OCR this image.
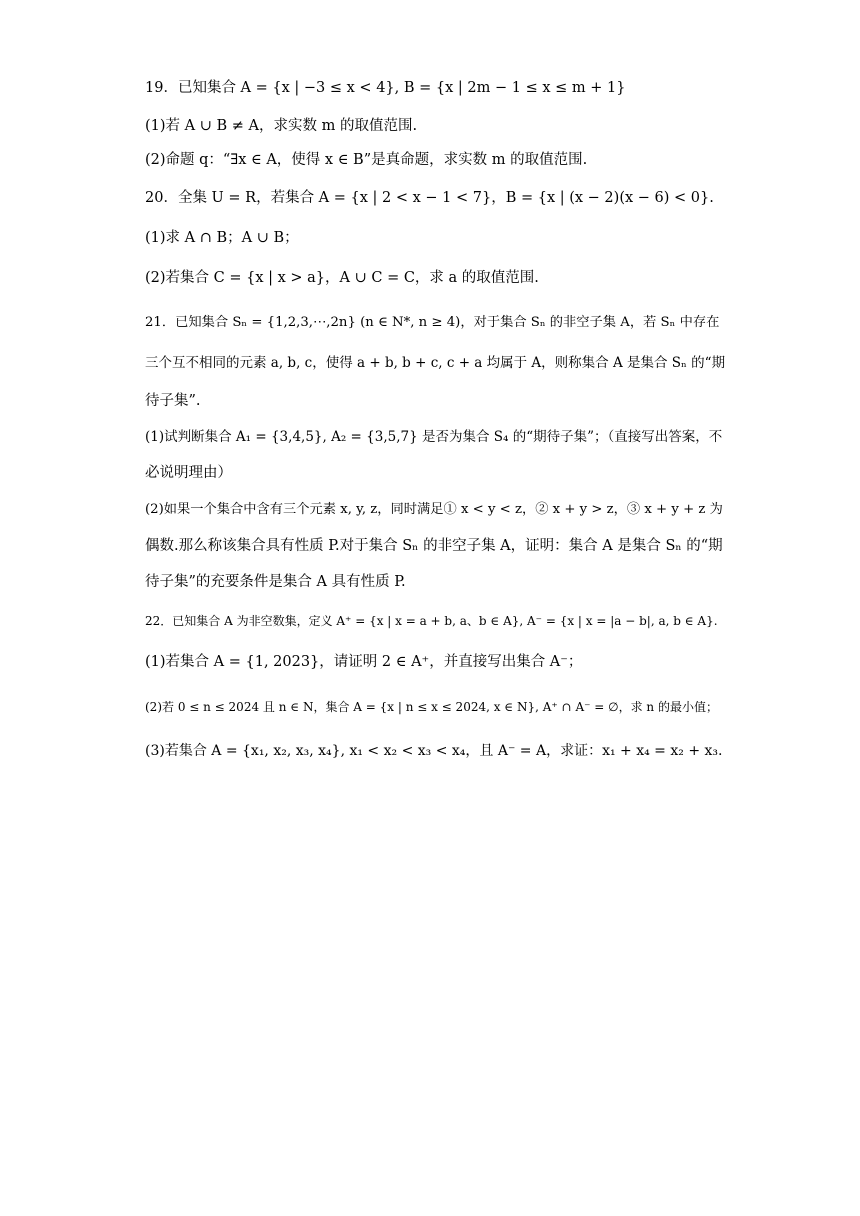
19．已知集合 A = {x | −3 ≤ x < 4}, B = {x | 2m − 1 ≤ x ≤ m + 1}
(1)若 A ∪ B ≠ A，求实数 m 的取值范围.
(2)命题 q：“∃x ∈ A，使得 x ∈ B”是真命题，求实数 m 的取值范围.
20．全集 U = R，若集合 A = {x | 2 < x − 1 < 7}，B = {x | (x − 2)(x − 6) < 0}.
(1)求 A ∩ B；A ∪ B；
(2)若集合 C = {x | x > a}，A ∪ C = C，求 a 的取值范围.
21．已知集合 Sₙ = {1,2,3,⋯,2n} (n ∈ N*, n ≥ 4)，对于集合 Sₙ 的非空子集 A，若 Sₙ 中存在
三个互不相同的元素 a, b, c，使得 a + b, b + c, c + a 均属于 A，则称集合 A 是集合 Sₙ 的“期
待子集”.
(1)试判断集合 A₁ = {3,4,5}, A₂ = {3,5,7} 是否为集合 S₄ 的“期待子集”；（直接写出答案，不
必说明理由）
(2)如果一个集合中含有三个元素 x, y, z，同时满足① x < y < z，② x + y > z，③ x + y + z 为
偶数.那么称该集合具有性质 P.对于集合 Sₙ 的非空子集 A，证明：集合 A 是集合 Sₙ 的“期
待子集”的充要条件是集合 A 具有性质 P.
22．已知集合 A 为非空数集，定义 A⁺ = {x | x = a + b, a、b ∈ A}, A⁻ = {x | x = |a − b|, a, b ∈ A}.
(1)若集合 A = {1, 2023}，请证明 2 ∈ A⁺，并直接写出集合 A⁻；
(2)若 0 ≤ n ≤ 2024 且 n ∈ N，集合 A = {x | n ≤ x ≤ 2024, x ∈ N}, A⁺ ∩ A⁻ = ∅，求 n 的最小值；
(3)若集合 A = {x₁, x₂, x₃, x₄}, x₁ < x₂ < x₃ < x₄，且 A⁻ = A，求证：x₁ + x₄ = x₂ + x₃.
